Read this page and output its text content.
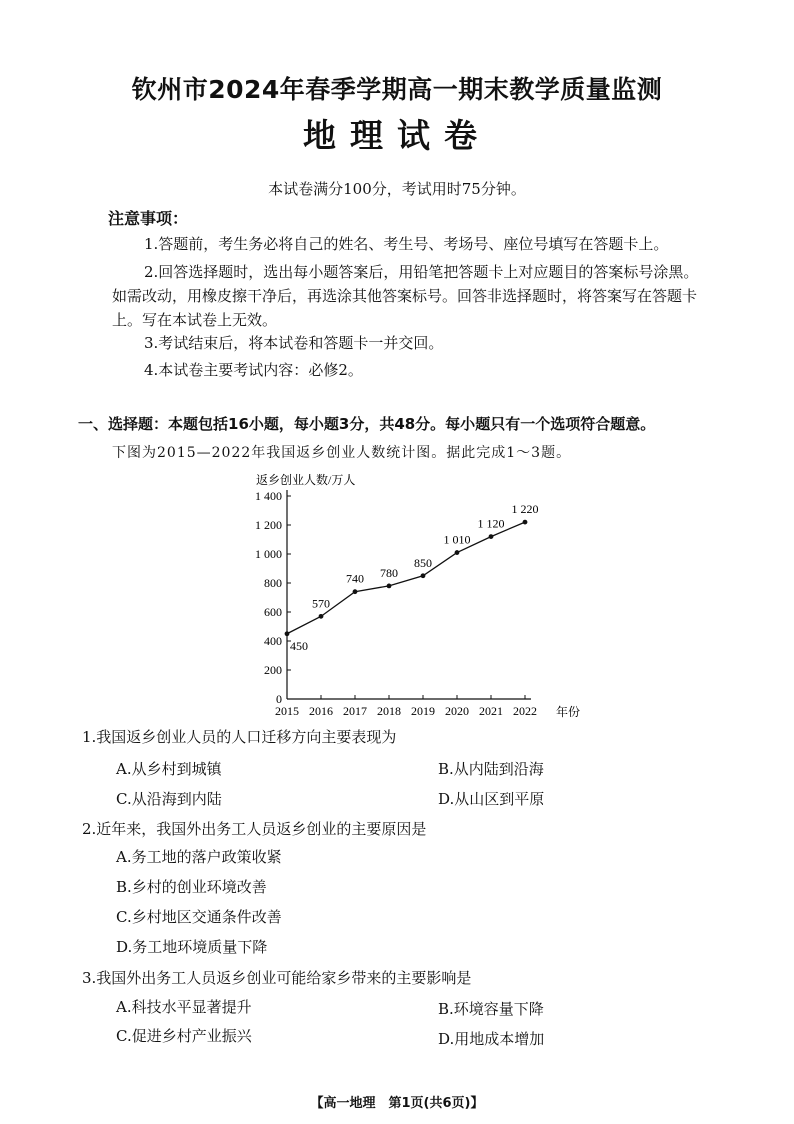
钦州市2024年春季学期高一期末教学质量监测
地理试卷
本试卷满分100分，考试用时75分钟。
注意事项：
1.答题前，考生务必将自己的姓名、考生号、考场号、座位号填写在答题卡上。
2.回答选择题时，选出每小题答案后，用铅笔把答题卡上对应题目的答案标号涂黑。如需改动，用橡皮擦干净后，再选涂其他答案标号。回答非选择题时，将答案写在答题卡上。写在本试卷上无效。
3.考试结束后，将本试卷和答题卡一并交回。
4.本试卷主要考试内容：必修2。
一、选择题：本题包括16小题，每小题3分，共48分。每小题只有一个选项符合题意。
下图为2015—2022年我国返乡创业人数统计图。据此完成1～3题。
返乡创业人数/万人
年份
0
200
400
600
800
1 000
1 200
1 400
2015 2016 2017 2018 2019 2020 2021 2022
450
570
740 780
850
1 010
1 120
1 220
1.我国返乡创业人员的人口迁移方向主要表现为
A.从乡村到城镇	B.从内陆到沿海
C.从沿海到内陆	D.从山区到平原
2.近年来，我国外出务工人员返乡创业的主要原因是
A.务工地的落户政策收紧
B.乡村的创业环境改善
C.乡村地区交通条件改善
D.务工地环境质量下降
3.我国外出务工人员返乡创业可能给家乡带来的主要影响是
A.科技水平显著提升	B.环境容量下降
C.促进乡村产业振兴	D.用地成本增加
【高一地理　第1页(共6页)】
